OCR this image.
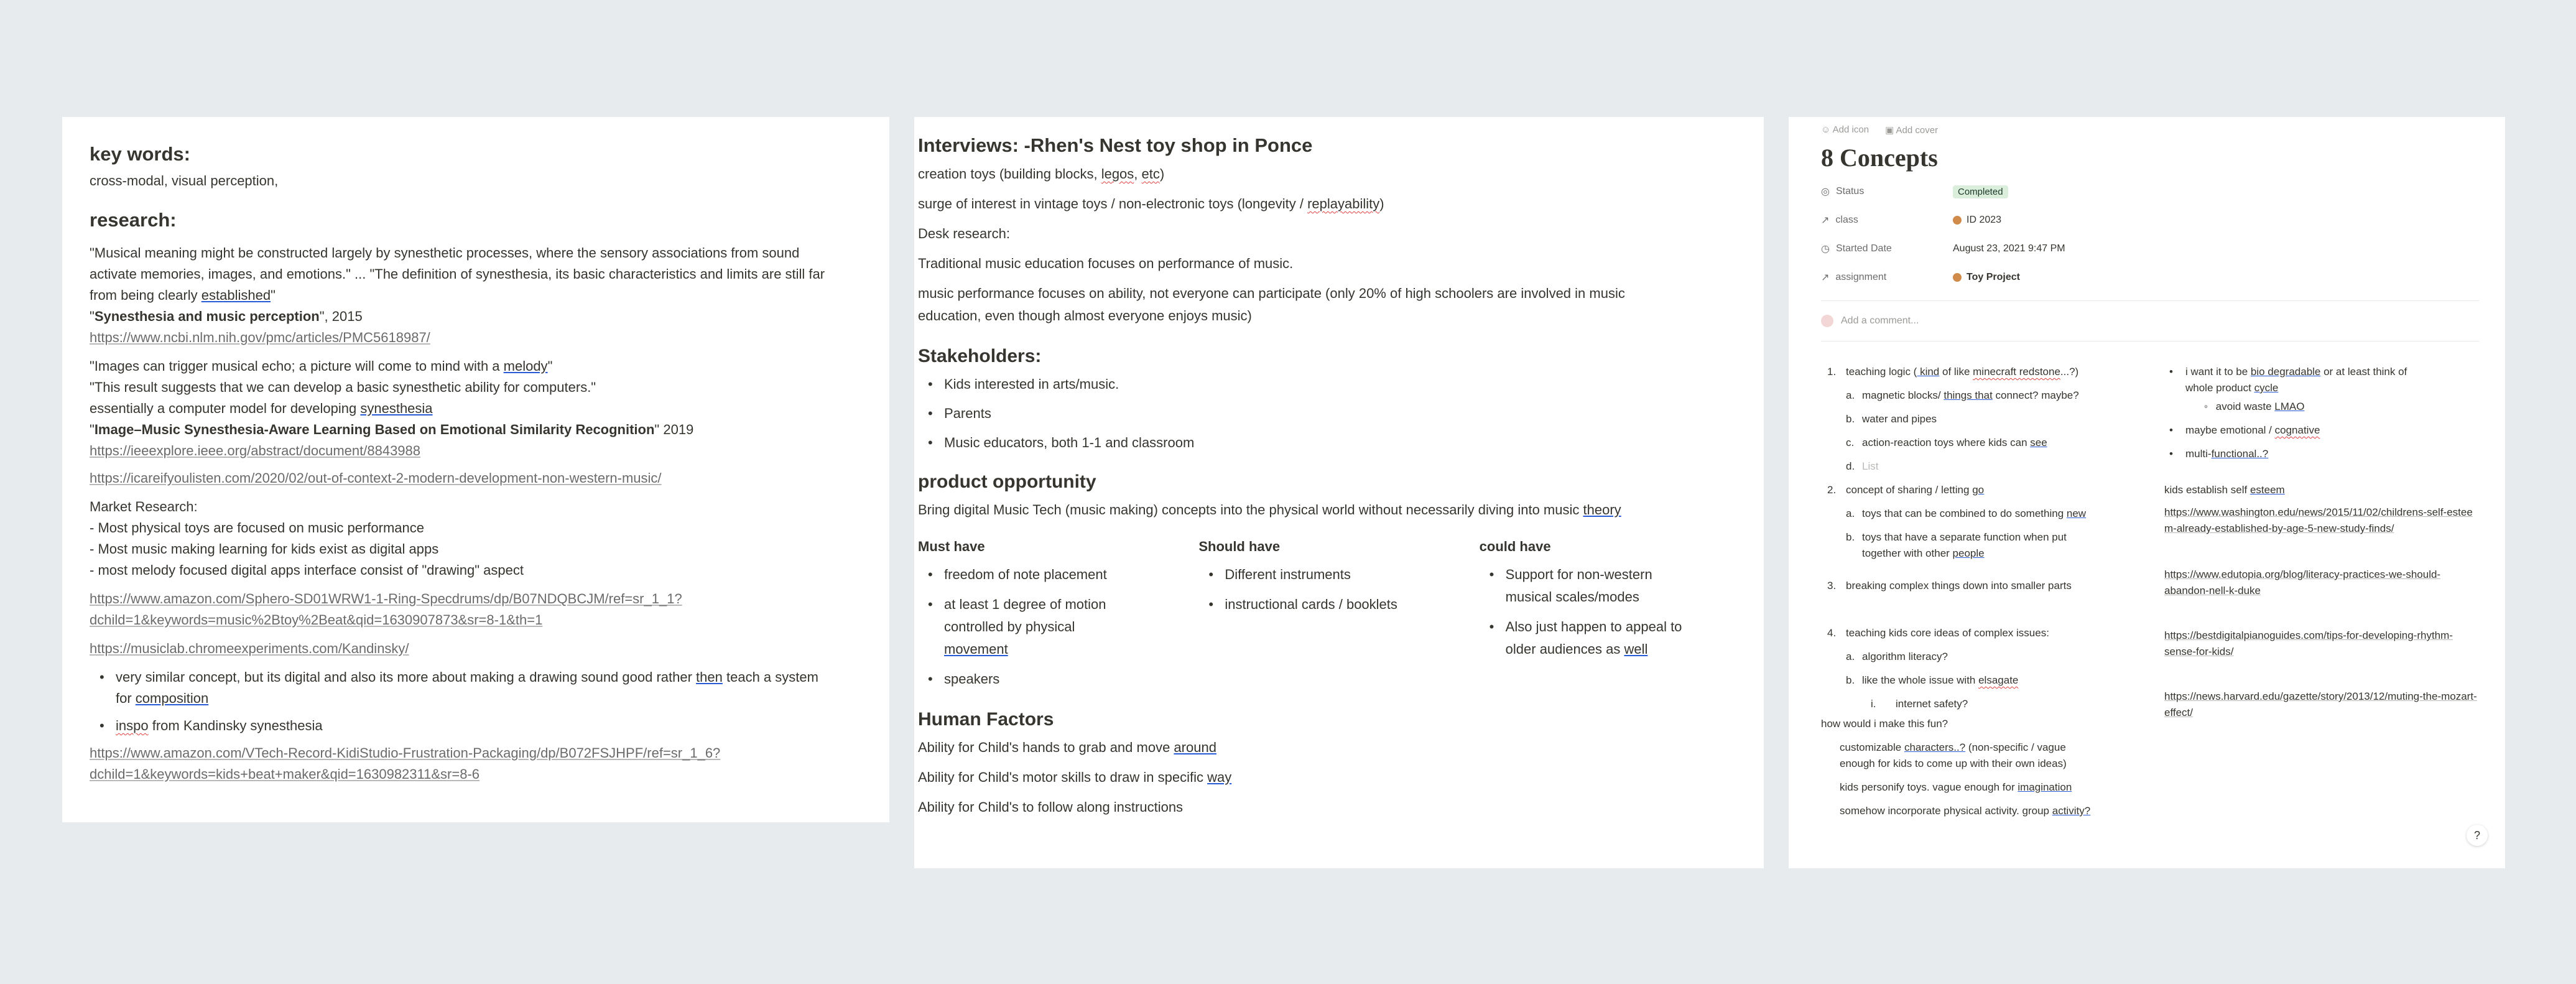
key words:
cross-modal, visual perception,
research:
"Musical meaning might be constructed largely by synesthetic processes, where the sensory associations from sound
activate memories, images, and emotions." ... "The definition of synesthesia, its basic characteristics and limits are still far
from being clearly established"
"Synesthesia and music perception", 2015
https://www.ncbi.nlm.nih.gov/pmc/articles/PMC5618987/
"Images can trigger musical echo; a picture will come to mind with a melody"
"This result suggests that we can develop a basic synesthetic ability for computers."
essentially a computer model for developing synesthesia
"Image–Music Synesthesia-Aware Learning Based on Emotional Similarity Recognition" 2019
https://ieeexplore.ieee.org/abstract/document/8843988
https://icareifyoulisten.com/2020/02/out-of-context-2-modern-development-non-western-music/
Market Research:
- Most physical toys are focused on music performance
- Most music making learning for kids exist as digital apps
- most melody focused digital apps interface consist of "drawing" aspect
https://www.amazon.com/Sphero-SD01WRW1-1-Ring-Specdrums/dp/B07NDQBCJM/ref=sr_1_1?
dchild=1&keywords=music%2Btoy%2Beat&qid=1630907873&sr=8-1&th=1
https://musiclab.chromeexperiments.com/Kandinsky/
• very similar concept, but its digital and also its more about making a drawing sound good rather then teach a system
for composition
• inspo from Kandinsky synesthesia
https://www.amazon.com/VTech-Record-KidiStudio-Frustration-Packaging/dp/B072FSJHPF/ref=sr_1_6?
dchild=1&keywords=kids+beat+maker&qid=1630982311&sr=8-6
Interviews: -Rhen's Nest toy shop in Ponce
creation toys (building blocks, legos, etc)
surge of interest in vintage toys / non-electronic toys (longevity / replayability)
Desk research:
Traditional music education focuses on performance of music.
music performance focuses on ability, not everyone can participate (only 20% of high schoolers are involved in music
education, even though almost everyone enjoys music)
Stakeholders:
• Kids interested in arts/music.
• Parents
• Music educators, both 1-1 and classroom
product opportunity
Bring digital Music Tech (music making) concepts into the physical world without necessarily diving into music theory
Must have
• freedom of note placement
• at least 1 degree of motion
controlled by physical
movement
• speakers
Should have
• Different instruments
• instructional cards / booklets
could have
• Support for non-western
musical scales/modes
• Also just happen to appeal to
older audiences as well
Human Factors
Ability for Child's hands to grab and move around
Ability for Child's motor skills to draw in specific way
Ability for Child's to follow along instructions
☺ Add icon ▣ Add cover
8 Concepts
◎ Status	Completed
↗ class	ID 2023
◷ Started Date	August 23, 2021 9:47 PM
↗ assignment	Toy Project
Add a comment...
1. teaching logic ( kind of like minecraft redstone...?)
a. magnetic blocks/ things that connect? maybe?
b. water and pipes
c. action-reaction toys where kids can see
d. List
2. concept of sharing / letting go
a. toys that can be combined to do something new
b. toys that have a separate function when put
together with other people
3. breaking complex things down into smaller parts
4. teaching kids core ideas of complex issues:
a. algorithm literacy?
b. like the whole issue with elsagate
i. internet safety?
how would i make this fun?
customizable characters..? (non-specific / vague
enough for kids to come up with their own ideas)
kids personify toys. vague enough for imagination
somehow incorporate physical activity. group activity?
• i want it to be bio degradable or at least think of
whole product cycle
◦ avoid waste LMAO
• maybe emotional / cognative
• multi-functional..?
kids establish self esteem
https://www.washington.edu/news/2015/11/02/childrens-self-esteem-already-established-by-age-5-new-study-finds/
https://www.edutopia.org/blog/literacy-practices-we-should-abandon-nell-k-duke
https://bestdigitalpianoguides.com/tips-for-developing-rhythm-sense-for-kids/
https://news.harvard.edu/gazette/story/2013/12/muting-the-mozart-effect/
?
